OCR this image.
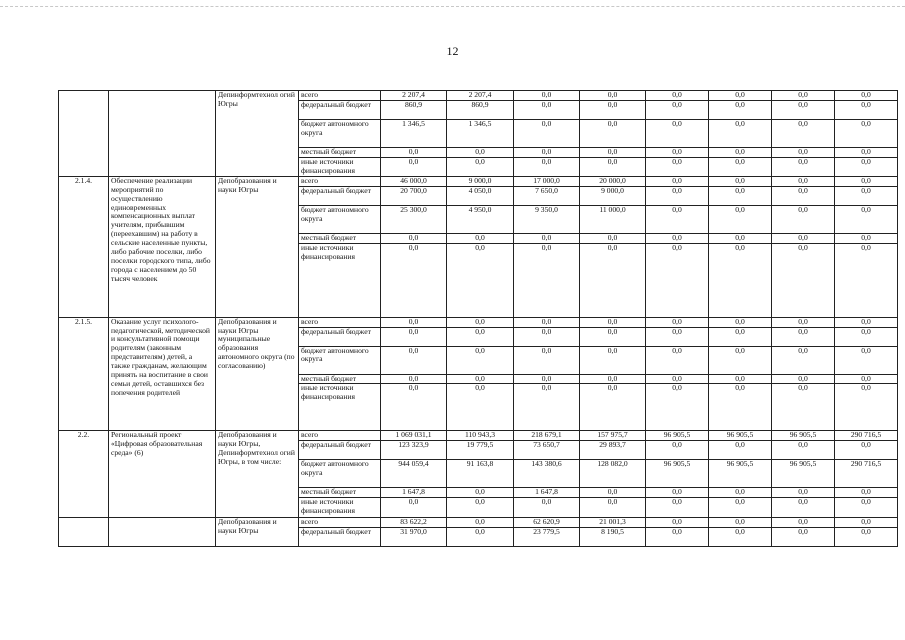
12
		Депинформтехнол огий Югры	всего	2 207,4	2 207,4	0,0	0,0	0,0	0,0	0,0	0,0
			федеральный бюджет	860,9	860,9	0,0	0,0	0,0	0,0	0,0	0,0
			бюджет автономного округа	1 346,5	1 346,5	0,0	0,0	0,0	0,0	0,0	0,0
			местный бюджет	0,0	0,0	0,0	0,0	0,0	0,0	0,0	0,0
			иные источники финансирования	0,0	0,0	0,0	0,0	0,0	0,0	0,0	0,0
2.1.4.	Обеспечение реализации мероприятий по осуществлению единовременных компенсационных выплат учителям, прибывшим (переехавшим) на работу в сельские населенные пункты, либо рабочие поселки, либо поселки городского типа, либо города с населением до 50 тысяч человек	Депобразования и науки Югры	всего	46 000,0	9 000,0	17 000,0	20 000,0	0,0	0,0	0,0	0,0
			федеральный бюджет	20 700,0	4 050,0	7 650,0	9 000,0	0,0	0,0	0,0	0,0
			бюджет автономного округа	25 300,0	4 950,0	9 350,0	11 000,0	0,0	0,0	0,0	0,0
			местный бюджет	0,0	0,0	0,0	0,0	0,0	0,0	0,0	0,0
			иные источники финансирования	0,0	0,0	0,0	0,0	0,0	0,0	0,0	0,0
2.1.5.	Оказание услуг психолого-педагогической, методической и консультативной помощи родителям (законным представителям) детей, а также гражданам, желающим принять на воспитание в свои семьи детей, оставшихся без попечения родителей	Депобразования и науки Югры муниципальные образования автономного округа (по согласованию)	всего	0,0	0,0	0,0	0,0	0,0	0,0	0,0	0,0
			федеральный бюджет	0,0	0,0	0,0	0,0	0,0	0,0	0,0	0,0
			бюджет автономного округа	0,0	0,0	0,0	0,0	0,0	0,0	0,0	0,0
			местный бюджет	0,0	0,0	0,0	0,0	0,0	0,0	0,0	0,0
			иные источники финансирования	0,0	0,0	0,0	0,0	0,0	0,0	0,0	0,0
2.2.	Региональный проект «Цифровая образовательная среда» (6)	Депобразования и науки Югры, Депинформтехнол огий Югры, в том числе:	всего	1 069 031,1	110 943,3	218 679,1	157 975,7	96 905,5	96 905,5	96 905,5	290 716,5
			федеральный бюджет	123 323,9	19 779,5	73 650,7	29 893,7	0,0	0,0	0,0	0,0
			бюджет автономного округа	944 059,4	91 163,8	143 380,6	128 082,0	96 905,5	96 905,5	96 905,5	290 716,5
			местный бюджет	1 647,8	0,0	1 647,8	0,0	0,0	0,0	0,0	0,0
			иные источники финансирования	0,0	0,0	0,0	0,0	0,0	0,0	0,0	0,0
		Депобразования и науки Югры	всего	83 622,2	0,0	62 620,9	21 001,3	0,0	0,0	0,0	0,0
			федеральный бюджет	31 970,0	0,0	23 779,5	8 190,5	0,0	0,0	0,0	0,0
